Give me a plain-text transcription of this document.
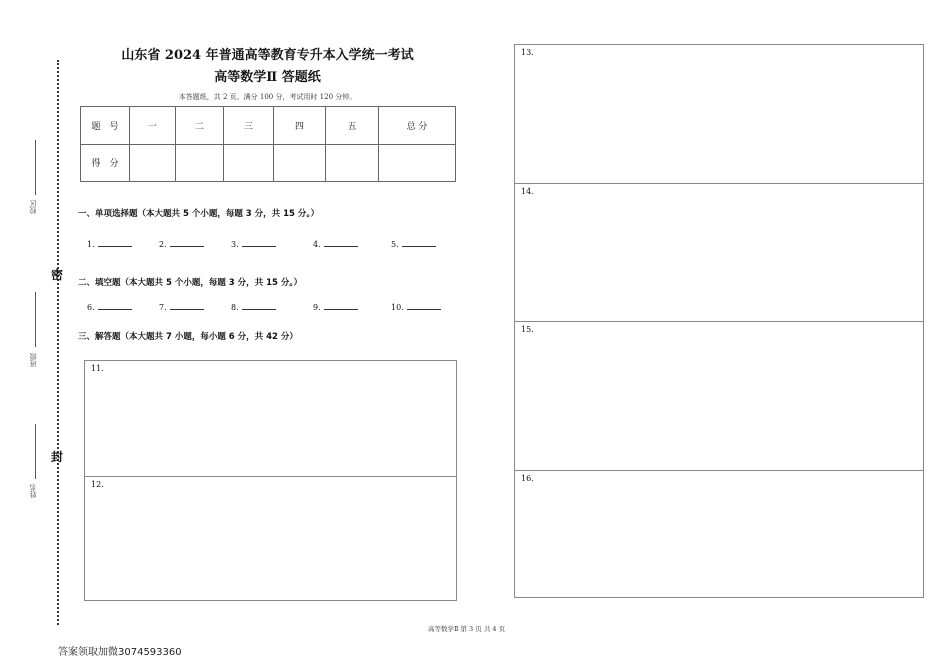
密
封
校区
班级
姓名
山东省 2024 年普通高等教育专升本入学统一考试
高等数学Ⅱ 答题纸
本答题纸，共 2 页。满分 100 分，考试用时 120 分钟。
题　号	一	二	三	四	五	总 分
得　分						
一、单项选择题（本大题共 5 个小题，每题 3 分，共 15 分。）
1.	2.	3.	4.	5.
二、填空题（本大题共 5 个小题，每题 3 分，共 15 分。）
6.	7.	8.	9.	10.
三、解答题（本大题共 7 小题，每小题 6 分，共 42 分）
11.
12.
13.
14.
15.
16.
高等数学Ⅱ 第 3 页 共 4 页
答案领取加微3074593360
